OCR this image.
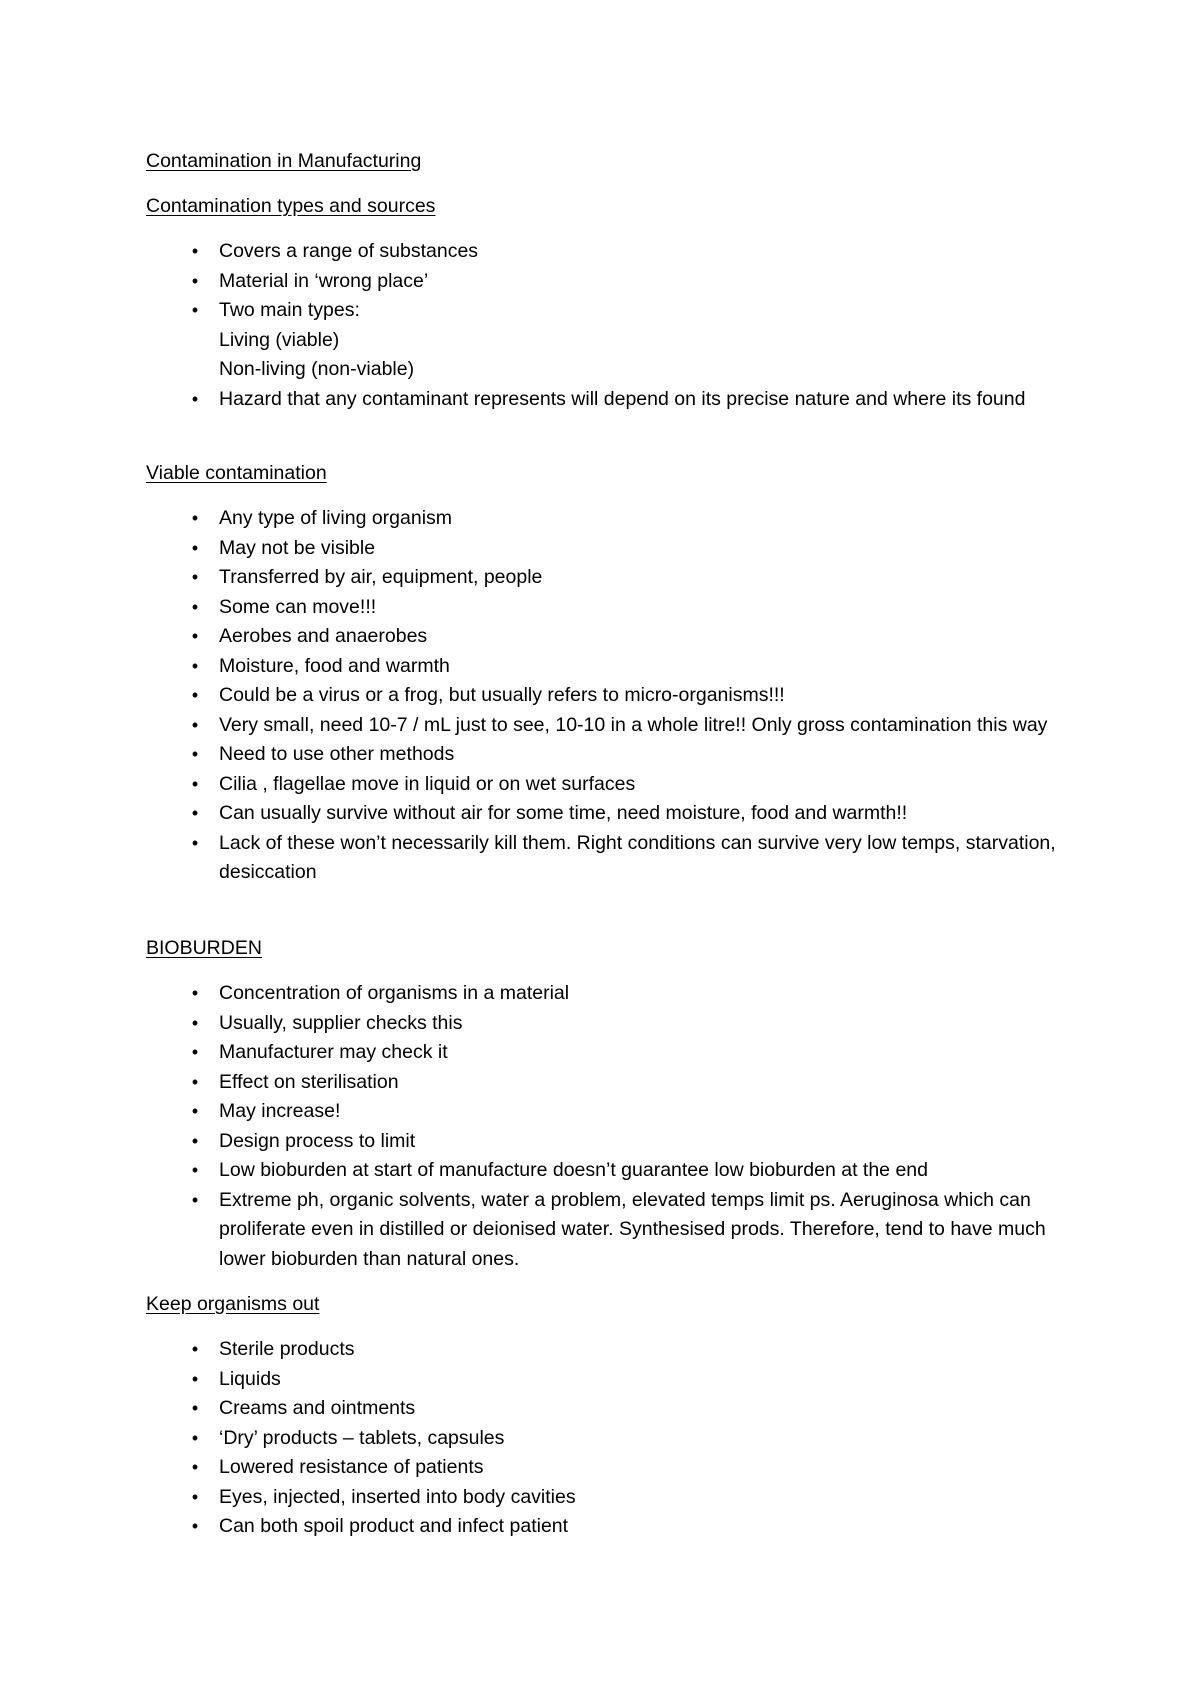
Contamination in Manufacturing
Contamination types and sources
•	Covers a range of substances
•	Material in ‘wrong place’
•	Two main types:
Living (viable)
Non-living (non-viable)
•	Hazard that any contaminant represents will depend on its precise nature and where its found
Viable contamination
•	Any type of living organism
•	May not be visible
•	Transferred by air, equipment, people
•	Some can move!!!
•	Aerobes and anaerobes
•	Moisture, food and warmth
•	Could be a virus or a frog, but usually refers to micro-organisms!!!
•	Very small, need 10-7 / mL just to see, 10-10 in a whole litre!! Only gross contamination this way
•	Need to use other methods
•	Cilia , flagellae move in liquid or on wet surfaces
•	Can usually survive without air for some time, need moisture, food and warmth!!
•	Lack of these won’t necessarily kill them. Right conditions can survive very low temps, starvation, desiccation
BIOBURDEN
•	Concentration of organisms in a material
•	Usually, supplier checks this
•	Manufacturer may check it
•	Effect on sterilisation
•	May increase!
•	Design process to limit
•	Low bioburden at start of manufacture doesn’t guarantee low bioburden at the end
•	Extreme ph, organic solvents, water a problem, elevated temps limit ps. Aeruginosa which can proliferate even in distilled or deionised water. Synthesised prods. Therefore, tend to have much lower bioburden than natural ones.
Keep organisms out
•	Sterile products
•	Liquids
•	Creams and ointments
•	‘Dry’ products – tablets, capsules
•	Lowered resistance of patients
•	Eyes, injected, inserted into body cavities
•	Can both spoil product and infect patient
